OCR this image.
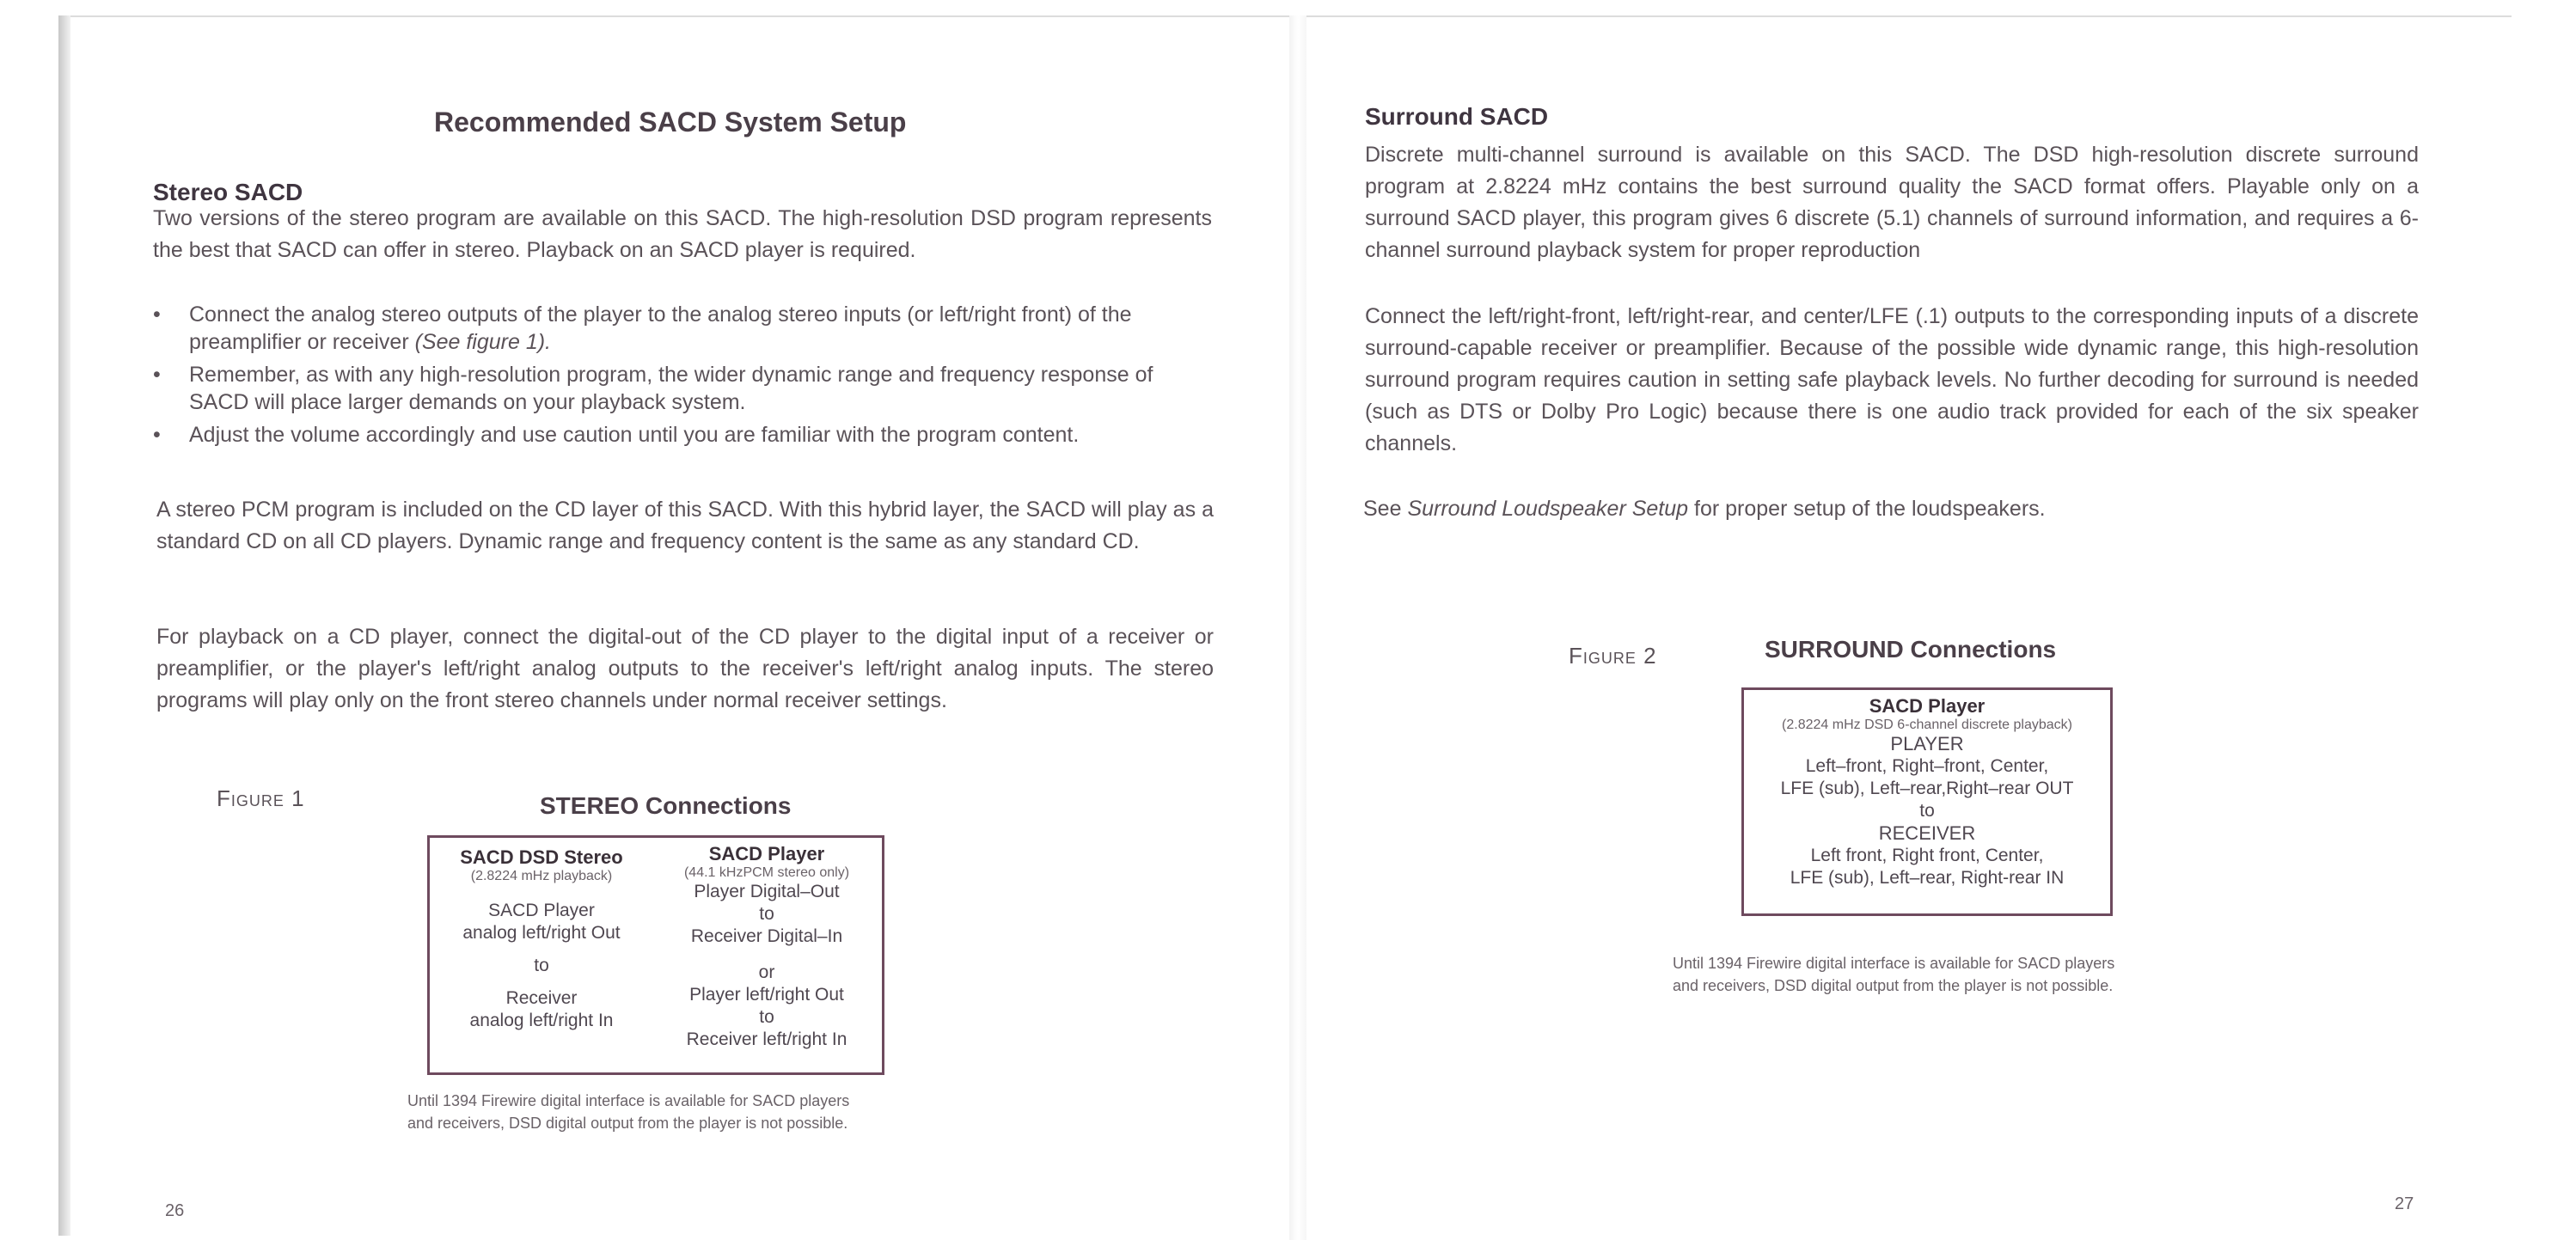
Recommended SACD System Setup
Stereo SACD
Two versions of the stereo program are available on this SACD. The high-resolution DSD program represents the best that SACD can offer in stereo. Playback on an SACD player is required.
• Connect the analog stereo outputs of the player to the analog stereo inputs (or left/right front) of the preamplifier or receiver (See figure 1).
• Remember, as with any high-resolution program, the wider dynamic range and frequency response of SACD will place larger demands on your playback system.
• Adjust the volume accordingly and use caution until you are familiar with the program content.
A stereo PCM program is included on the CD layer of this SACD. With this hybrid layer, the SACD will play as a standard CD on all CD players. Dynamic range and frequency content is the same as any standard CD.
For playback on a CD player, connect the digital-out of the CD player to the digital input of a receiver or preamplifier, or the player's left/right analog outputs to the receiver's left/right analog inputs. The stereo programs will play only on the front stereo channels under normal receiver settings.
Figure 1	STEREO Connections
SACD DSD Stereo
(2.8224 mHz playback)
SACD Player
analog left/right Out
to
Receiver
analog left/right In
SACD Player
(44.1 kHzPCM stereo only)
Player Digital–Out
to
Receiver Digital–In
or
Player left/right Out
to
Receiver left/right In
Until 1394 Firewire digital interface is available for SACD players
and receivers, DSD digital output from the player is not possible.
26
Surround SACD
Discrete multi-channel surround is available on this SACD. The DSD high-resolution discrete surround program at 2.8224 mHz contains the best surround quality the SACD format offers. Playable only on a surround SACD player, this program gives 6 discrete (5.1) channels of surround information, and requires a 6-channel surround playback system for proper reproduction
Connect the left/right-front, left/right-rear, and center/LFE (.1) outputs to the corresponding inputs of a discrete surround-capable receiver or preamplifier. Because of the possible wide dynamic range, this high-resolution surround program requires caution in setting safe playback levels. No further decoding for surround is needed (such as DTS or Dolby Pro Logic) because there is one audio track provided for each of the six speaker channels.
See Surround Loudspeaker Setup for proper setup of the loudspeakers.
Figure 2	SURROUND Connections
SACD Player
(2.8224 mHz DSD 6-channel discrete playback)
PLAYER
Left–front, Right–front, Center,
LFE (sub), Left–rear,Right–rear OUT
to
RECEIVER
Left front, Right front, Center,
LFE (sub), Left–rear, Right-rear IN
Until 1394 Firewire digital interface is available for SACD players
and receivers, DSD digital output from the player is not possible.
27
